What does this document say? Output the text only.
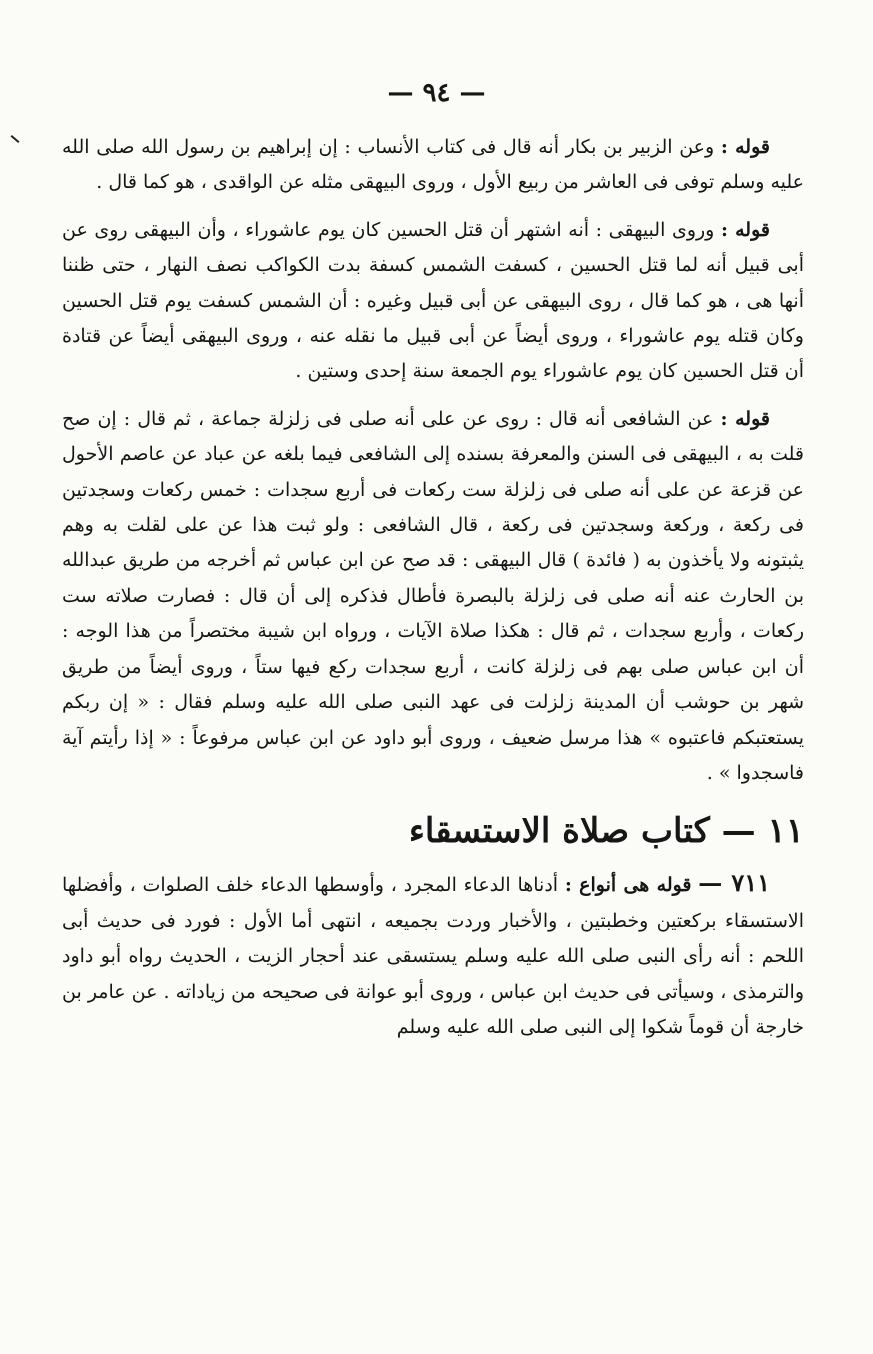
— ٩٤ —

قوله : وعن الزبير بن بكار أنه قال فى كتاب الأنساب : إن إبراهيم بن رسول الله صلى الله عليه وسلم توفى فى العاشر من ربيع الأول ، وروى البيهقى مثله عن الواقدى ، هو كما قال .

قوله : وروى البيهقى : أنه اشتهر أن قتل الحسين كان يوم عاشوراء ، وأن البيهقى روى عن أبى قبيل أنه لما قتل الحسين ، كسفت الشمس كسفة بدت الكواكب نصف النهار ، حتى ظننا أنها هى ، هو كما قال ، روى البيهقى عن أبى قبيل وغيره : أن الشمس كسفت يوم قتل الحسين وكان قتله يوم عاشوراء ، وروى أيضاً عن أبى قبيل ما نقله عنه ، وروى البيهقى أيضاً عن قتادة أن قتل الحسين كان يوم عاشوراء يوم الجمعة سنة إحدى وستين .

قوله : عن الشافعى أنه قال : روى عن على أنه صلى فى زلزلة جماعة ، ثم قال : إن صح قلت به ، البيهقى فى السنن والمعرفة بسنده إلى الشافعى فيما بلغه عن عباد عن عاصم الأحول عن قزعة عن على أنه صلى فى زلزلة ست ركعات فى أربع سجدات : خمس ركعات وسجدتين فى ركعة ، وركعة وسجدتين فى ركعة ، قال الشافعى : ولو ثبت هذا عن على لقلت به وهم يثبتونه ولا يأخذون به ( فائدة ) قال البيهقى : قد صح عن ابن عباس ثم أخرجه من طريق عبدالله بن الحارث عنه أنه صلى فى زلزلة بالبصرة فأطال فذكره إلى أن قال : فصارت صلاته ست ركعات ، وأربع سجدات ، ثم قال : هكذا صلاة الآيات ، ورواه ابن شيبة مختصراً من هذا الوجه : أن ابن عباس صلى بهم فى زلزلة كانت ، أربع سجدات ركع فيها ستاً ، وروى أيضاً من طريق شهر بن حوشب أن المدينة زلزلت فى عهد النبى صلى الله عليه وسلم فقال : « إن ربكم يستعتبكم فاعتبوه » هذا مرسل ضعيف ، وروى أبو داود عن ابن عباس مرفوعاً : « إذا رأيتم آية فاسجدوا » .

١١ — كتاب صلاة الاستسقاء

٧١١ — قوله هى أنواع : أدناها الدعاء المجرد ، وأوسطها الدعاء خلف الصلوات ، وأفضلها الاستسقاء بركعتين وخطبتين ، والأخبار وردت بجميعه ، انتهى أما الأول : فورد فى حديث أبى اللحم : أنه رأى النبى صلى الله عليه وسلم يستسقى عند أحجار الزيت ، الحديث رواه أبو داود والترمذى ، وسيأتى فى حديث ابن عباس ، وروى أبو عوانة فى صحيحه من زياداته . عن عامر بن خارجة أن قوماً شكوا إلى النبى صلى الله عليه وسلم
